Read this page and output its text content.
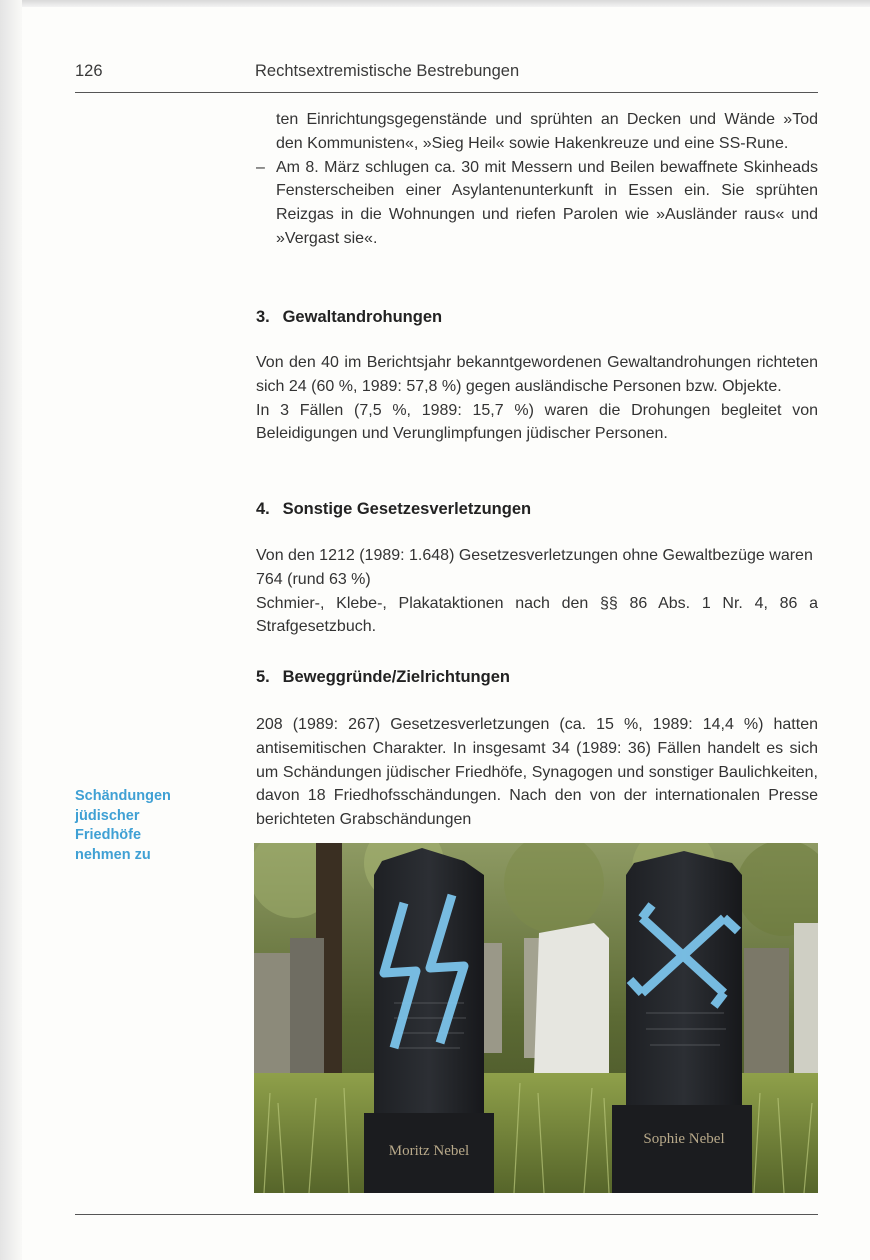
126	Rechtsextremistische Bestrebungen

ten Einrichtungsgegenstände und sprühten an Decken und Wände »Tod den Kommunisten«, »Sieg Heil« sowie Hakenkreuze und eine SS-Rune.

– Am 8. März schlugen ca. 30 mit Messern und Beilen bewaffnete Skinheads Fensterscheiben einer Asylantenunterkunft in Essen ein. Sie sprühten Reizgas in die Wohnungen und riefen Parolen wie »Ausländer raus« und »Vergast sie«.
3. Gewaltandrohungen

Von den 40 im Berichtsjahr bekanntgewordenen Gewaltandrohungen richteten sich 24 (60 %, 1989: 57,8 %) gegen ausländische Personen bzw. Objekte.

In 3 Fällen (7,5 %, 1989: 15,7 %) waren die Drohungen begleitet von Beleidigungen und Verunglimpfungen jüdischer Personen.

4. Sonstige Gesetzesverletzungen

Von den 1212 (1989: 1.648) Gesetzesverletzungen ohne Gewaltbezüge waren 764 (rund 63 %)

Schmier-, Klebe-, Plakataktionen nach den §§ 86 Abs. 1 Nr. 4, 86 a Strafgesetzbuch.

5. Beweggründe/Zielrichtungen

208 (1989: 267) Gesetzesverletzungen (ca. 15 %, 1989: 14,4 %) hatten antisemitischen Charakter. In insgesamt 34 (1989: 36) Fällen handelt es sich um Schändungen jüdischer Friedhöfe, Synagogen und sonstiger Baulichkeiten, davon 18 Friedhofsschändungen. Nach den von der internationalen Presse berichteten Grabschändungen

Schändungen
jüdischer
Friedhöfe
nehmen zu
Moritz Nebel
Sophie Nebel
